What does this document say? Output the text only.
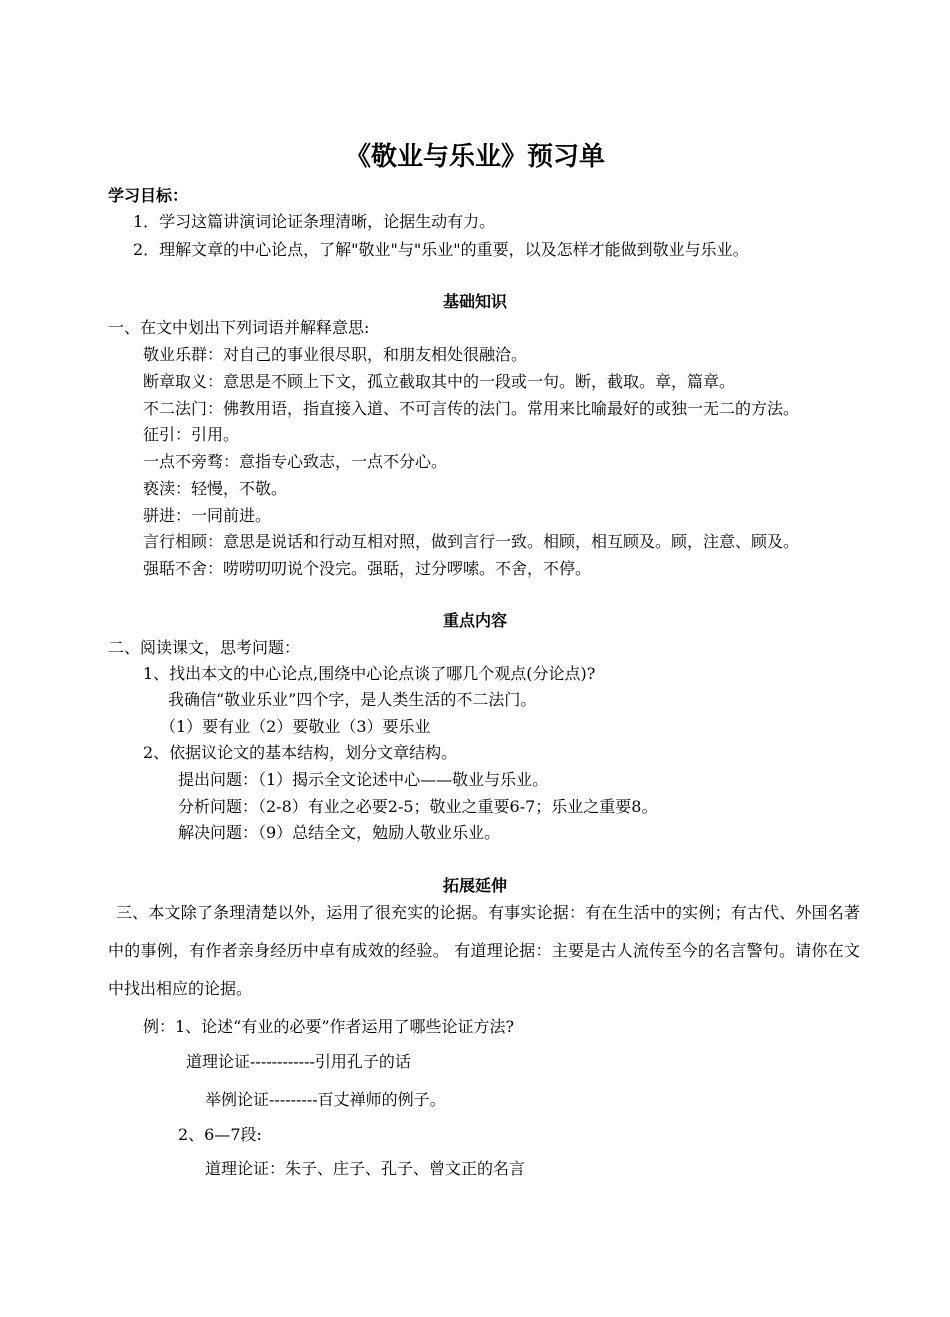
《敬业与乐业》预习单
学习目标：
1．学习这篇讲演词论证条理清晰，论据生动有力。
2．理解文章的中心论点，了解"敬业"与"乐业"的重要，以及怎样才能做到敬业与乐业。
基础知识
一、在文中划出下列词语并解释意思:
敬业乐群：对自己的事业很尽职，和朋友相处很融洽。
断章取义：意思是不顾上下文，孤立截取其中的一段或一句。断，截取。章，篇章。
不二法门：佛教用语，指直接入道、不可言传的法门。常用来比喻最好的或独一无二的方法。
征引：引用。
一点不旁骛：意指专心致志，一点不分心。
亵渎：轻慢，不敬。
骈进：一同前进。
言行相顾：意思是说话和行动互相对照，做到言行一致。相顾，相互顾及。顾，注意、顾及。
强聒不舍：唠唠叨叨说个没完。强聒，过分啰嗦。不舍，不停。
重点内容
二、阅读课文，思考问题：
1、找出本文的中心论点,围绕中心论点谈了哪几个观点(分论点)?
我确信“敬业乐业”四个字，是人类生活的不二法门。
（1）要有业（2）要敬业（3）要乐业
2、依据议论文的基本结构，划分文章结构。
提出问题：（1）揭示全文论述中心——敬业与乐业。
分析问题：（2-8）有业之必要2-5；敬业之重要6-7；乐业之重要8。
解决问题：（9）总结全文，勉励人敬业乐业。
拓展延伸
三、本文除了条理清楚以外，运用了很充实的论据。有事实论据：有在生活中的实例；有古代、外国名著中的事例，有作者亲身经历中卓有成效的经验。 有道理论据：主要是古人流传至今的名言警句。请你在文中找出相应的论据。
例：1、论述“有业的必要”作者运用了哪些论证方法?
道理论证------------引用孔子的话
举例论证---------百丈禅师的例子。
2、6—7段:
道理论证：朱子、庄子、孔子、曾文正的名言
